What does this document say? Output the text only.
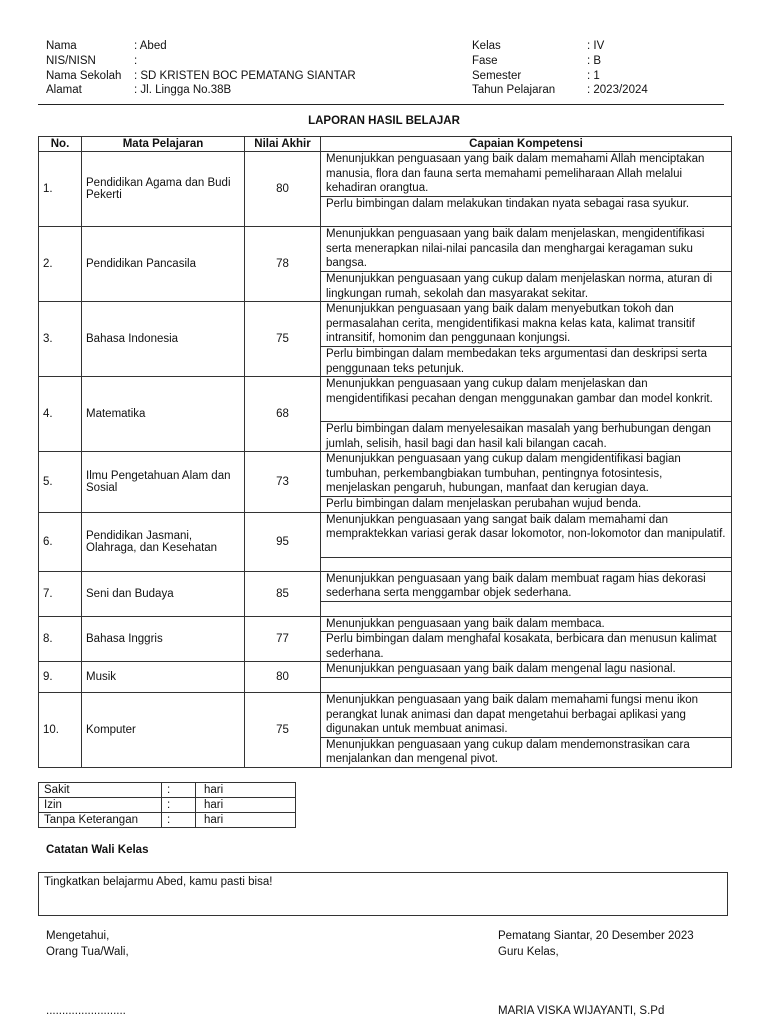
Nama	: Abed
NIS/NISN	:
Nama Sekolah : SD KRISTEN BOC PEMATANG SIANTAR
Alamat	: Jl. Lingga No.38B
Kelas	: IV
Fase	: B
Semester	: 1
Tahun Pelajaran	: 2023/2024
LAPORAN HASIL BELAJAR
No.	Mata Pelajaran	Nilai Akhir	Capaian Kompetensi
1.	Pendidikan Agama dan Budi Pekerti	80	Menunjukkan penguasaan yang baik dalam memahami Allah menciptakan manusia, flora dan fauna serta memahami pemeliharaan Allah melalui kehadiran orangtua.
			Perlu bimbingan dalam melakukan tindakan nyata sebagai rasa syukur.
2.	Pendidikan Pancasila	78	Menunjukkan penguasaan yang baik dalam menjelaskan, mengidentifikasi serta menerapkan nilai-nilai pancasila dan menghargai keragaman suku bangsa.
			Menunjukkan penguasaan yang cukup dalam menjelaskan norma, aturan di lingkungan rumah, sekolah dan masyarakat sekitar.
3.	Bahasa Indonesia	75	Menunjukkan penguasaan yang baik dalam menyebutkan tokoh dan permasalahan cerita, mengidentifikasi makna kelas kata, kalimat transitif intransitif, homonim dan penggunaan konjungsi.
			Perlu bimbingan dalam membedakan teks argumentasi dan deskripsi serta penggunaan teks petunjuk.
4.	Matematika	68	Menunjukkan penguasaan yang cukup dalam menjelaskan dan mengidentifikasi pecahan dengan menggunakan gambar dan model konkrit.
			Perlu bimbingan dalam menyelesaikan masalah yang berhubungan dengan jumlah, selisih, hasil bagi dan hasil kali bilangan cacah.
5.	Ilmu Pengetahuan Alam dan Sosial	73	Menunjukkan penguasaan yang cukup dalam mengidentifikasi bagian tumbuhan, perkembangbiakan tumbuhan, pentingnya fotosintesis, menjelaskan pengaruh, hubungan, manfaat dan kerugian daya.
			Perlu bimbingan dalam menjelaskan perubahan wujud benda.
6.	Pendidikan Jasmani, Olahraga, dan Kesehatan	95	Menunjukkan penguasaan yang sangat baik dalam memahami dan mempraktekkan variasi gerak dasar lokomotor, non-lokomotor dan manipulatif.

7.	Seni dan Budaya	85	Menunjukkan penguasaan yang baik dalam membuat ragam hias dekorasi sederhana serta menggambar objek sederhana.

8.	Bahasa Inggris	77	Menunjukkan penguasaan yang baik dalam membaca.
			Perlu bimbingan dalam menghafal kosakata, berbicara dan menusun kalimat sederhana.
9.	Musik	80	Menunjukkan penguasaan yang baik dalam mengenal lagu nasional.

10.	Komputer	75	Menunjukkan penguasaan yang baik dalam memahami fungsi menu ikon perangkat lunak animasi dan dapat mengetahui berbagai aplikasi yang digunakan untuk membuat animasi.
			Menunjukkan penguasaan yang cukup dalam mendemonstrasikan cara menjalankan dan mengenal pivot.
Sakit	:	hari
Izin	:	hari
Tanpa Keterangan	:	hari
Catatan Wali Kelas
Tingkatkan belajarmu Abed, kamu pasti bisa!
Mengetahui,
Orang Tua/Wali,
.........................
Pematang Siantar, 20 Desember 2023
Guru Kelas,
MARIA VISKA WIJAYANTI, S.Pd
